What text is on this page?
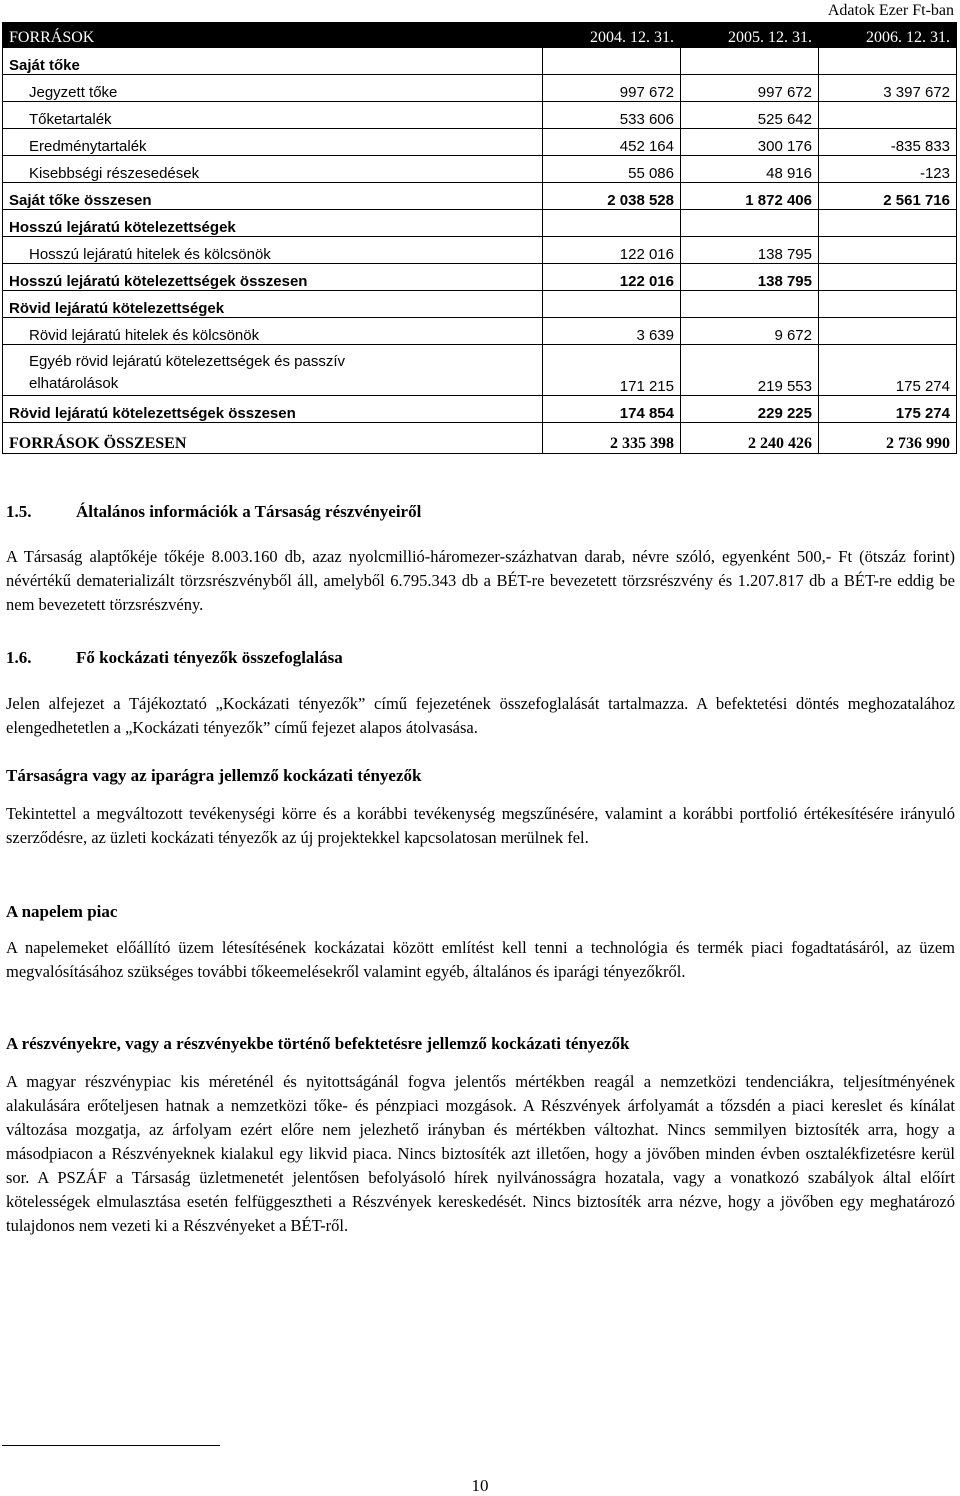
Adatok Ezer Ft-ban
FORRÁSOK	2004. 12. 31.	2005. 12. 31.	2006. 12. 31.
Saját tőke			
Jegyzett tőke	997 672	997 672	3 397 672
Tőketartalék	533 606	525 642	
Eredménytartalék	452 164	300 176	-835 833
Kisebbségi részesedések	55 086	48 916	-123
Saját tőke összesen	2 038 528	1 872 406	2 561 716
Hosszú lejáratú kötelezettségek			
Hosszú lejáratú hitelek és kölcsönök	122 016	138 795	
Hosszú lejáratú kötelezettségek összesen	122 016	138 795	
Rövid lejáratú kötelezettségek			
Rövid lejáratú hitelek és kölcsönök	3 639	9 672	

Egyéb rövid lejáratú kötelezettségek és passzív
elhatárolások	171 215	219 553	175 274
Rövid lejáratú kötelezettségek összesen	174 854	229 225	175 274
FORRÁSOK ÖSSZESEN	2 335 398	2 240 426	2 736 990
1.5.	Általános információk a Társaság részvényeiről

A Társaság alaptőkéje tőkéje 8.003.160 db, azaz nyolcmillió-háromezer-százhatvan darab, névre szóló, egyenként 500,- Ft (ötszáz forint) névértékű dematerializált törzsrészvényből áll, amelyből 6.795.343 db a BÉT-re bevezetett törzsrészvény és 1.207.817 db a BÉT-re eddig be nem bevezetett törzsrészvény.

1.6.	Fő kockázati tényezők összefoglalása

Jelen alfejezet a Tájékoztató „Kockázati tényezők” című fejezetének összefoglalását tartalmazza. A befektetési döntés meghozatalához elengedhetetlen a „Kockázati tényezők” című fejezet alapos átolvasása.

Társaságra vagy az iparágra jellemző kockázati tényezők

Tekintettel a megváltozott tevékenységi körre és a korábbi tevékenység megszűnésére, valamint a korábbi portfolió értékesítésére irányuló szerződésre, az üzleti kockázati tényezők az új projektekkel kapcsolatosan merülnek fel.

A napelem piac

A napelemeket előállító üzem létesítésének kockázatai között említést kell tenni a technológia és termék piaci fogadtatásáról, az üzem megvalósításához szükséges további tőkeemelésekről valamint egyéb, általános és iparági tényezőkről.

A részvényekre, vagy a részvényekbe történő befektetésre jellemző kockázati tényezők

A magyar részvénypiac kis méreténél és nyitottságánál fogva jelentős mértékben reagál a nemzetközi tendenciákra, teljesítményének alakulására erőteljesen hatnak a nemzetközi tőke- és pénzpiaci mozgások. A Részvények árfolyamát a tőzsdén a piaci kereslet és kínálat változása mozgatja, az árfolyam ezért előre nem jelezhető irányban és mértékben változhat. Nincs semmilyen biztosíték arra, hogy a másodpiacon a Részvényeknek kialakul egy likvid piaca. Nincs biztosíték azt illetően, hogy a jövőben minden évben osztalékfizetésre kerül sor. A PSZÁF a Társaság üzletmenetét jelentősen befolyásoló hírek nyilvánosságra hozatala, vagy a vonatkozó szabályok által előírt kötelességek elmulasztása esetén felfüggesztheti a Részvények kereskedését. Nincs biztosíték arra nézve, hogy a jövőben egy meghatározó tulajdonos nem vezeti ki a Részvényeket a BÉT-ről.

10
